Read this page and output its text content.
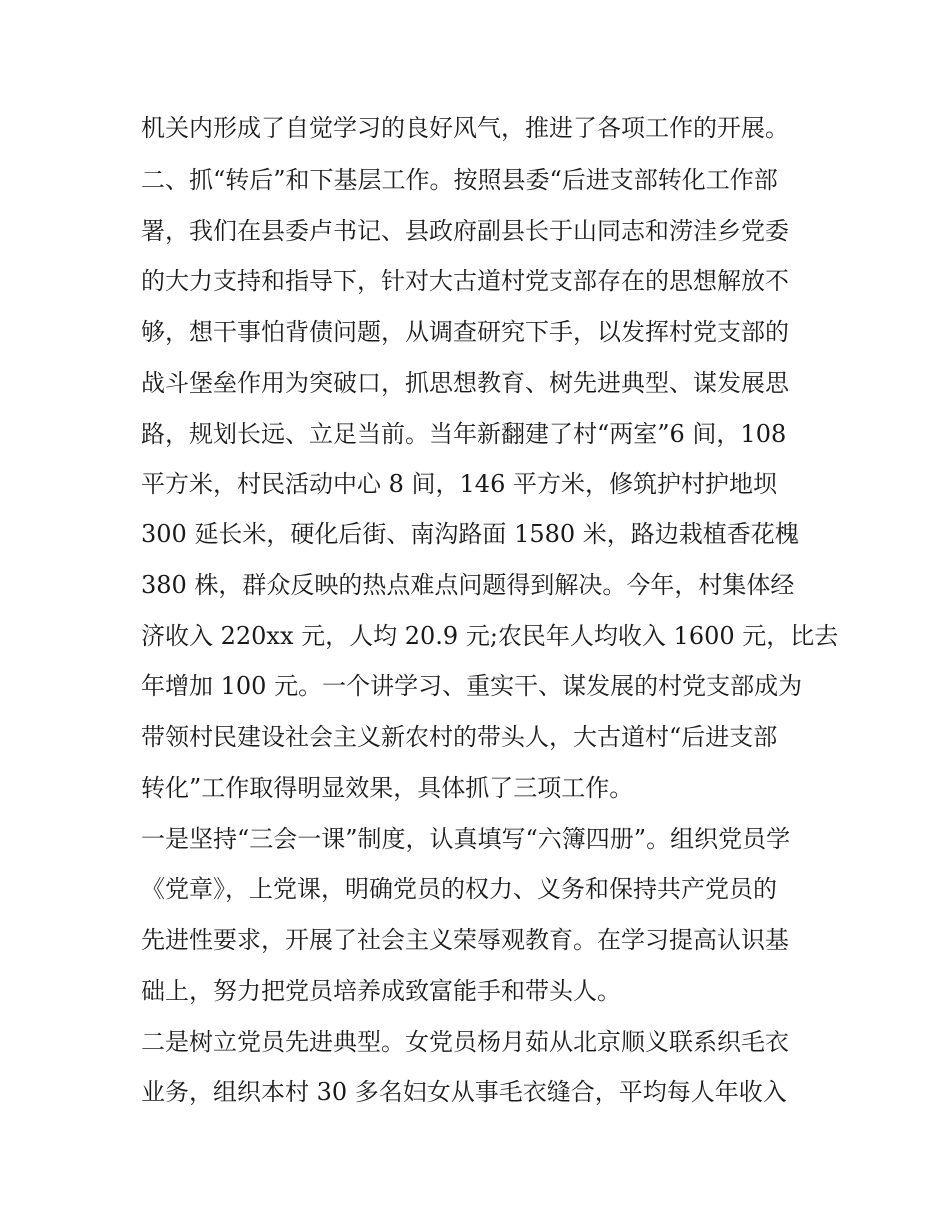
机关内形成了自觉学习的良好风气，推进了各项工作的开展。
二、抓“转后”和下基层工作。按照县委“后进支部转化工作部
署，我们在县委卢书记、县政府副县长于山同志和涝洼乡党委
的大力支持和指导下，针对大古道村党支部存在的思想解放不
够，想干事怕背债问题，从调查研究下手，以发挥村党支部的
战斗堡垒作用为突破口，抓思想教育、树先进典型、谋发展思
路，规划长远、立足当前。当年新翻建了村“两室”6 间，108
平方米，村民活动中心 8 间，146 平方米，修筑护村护地坝
300 延长米，硬化后街、南沟路面 1580 米，路边栽植香花槐
380 株，群众反映的热点难点问题得到解决。今年，村集体经
济收入 220xx 元，人均 20.9 元;农民年人均收入 1600 元，比去
年增加 100 元。一个讲学习、重实干、谋发展的村党支部成为
带领村民建设社会主义新农村的带头人，大古道村“后进支部
转化”工作取得明显效果，具体抓了三项工作。
一是坚持“三会一课”制度，认真填写“六簿四册”。组织党员学
《党章》，上党课，明确党员的权力、义务和保持共产党员的
先进性要求，开展了社会主义荣辱观教育。在学习提高认识基
础上，努力把党员培养成致富能手和带头人。
二是树立党员先进典型。女党员杨月茹从北京顺义联系织毛衣
业务，组织本村 30 多名妇女从事毛衣缝合，平均每人年收入
